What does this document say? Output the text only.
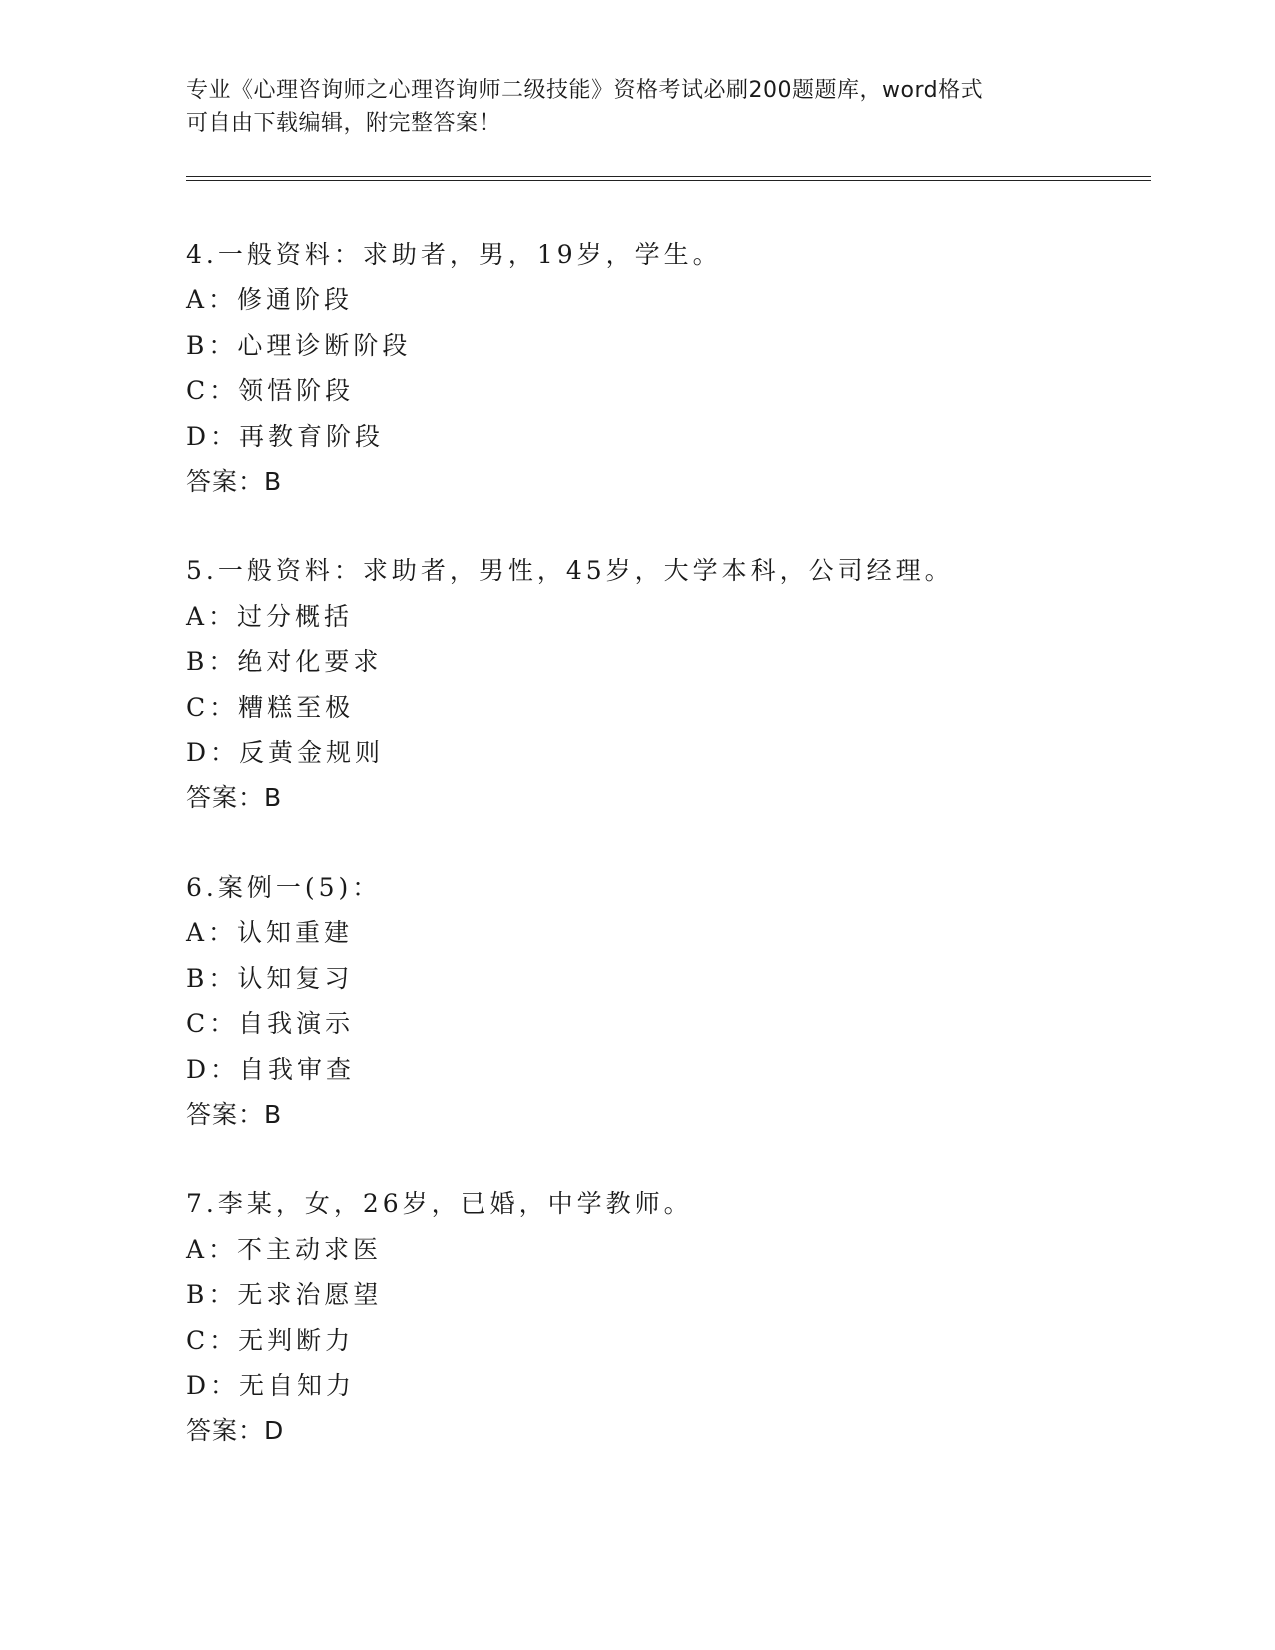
专业《心理咨询师之心理咨询师二级技能》资格考试必刷200题题库，word格式
可自由下载编辑，附完整答案！
4.一般资料：求助者，男，19岁，学生。
A：修通阶段
B：心理诊断阶段
C：领悟阶段
D：再教育阶段
答案：B
5.一般资料：求助者，男性，45岁，大学本科，公司经理。
A：过分概括
B：绝对化要求
C：糟糕至极
D：反黄金规则
答案：B
6.案例一(5)：
A：认知重建
B：认知复习
C：自我演示
D：自我审查
答案：B
7.李某，女，26岁，已婚，中学教师。
A：不主动求医
B：无求治愿望
C：无判断力
D：无自知力
答案：D
